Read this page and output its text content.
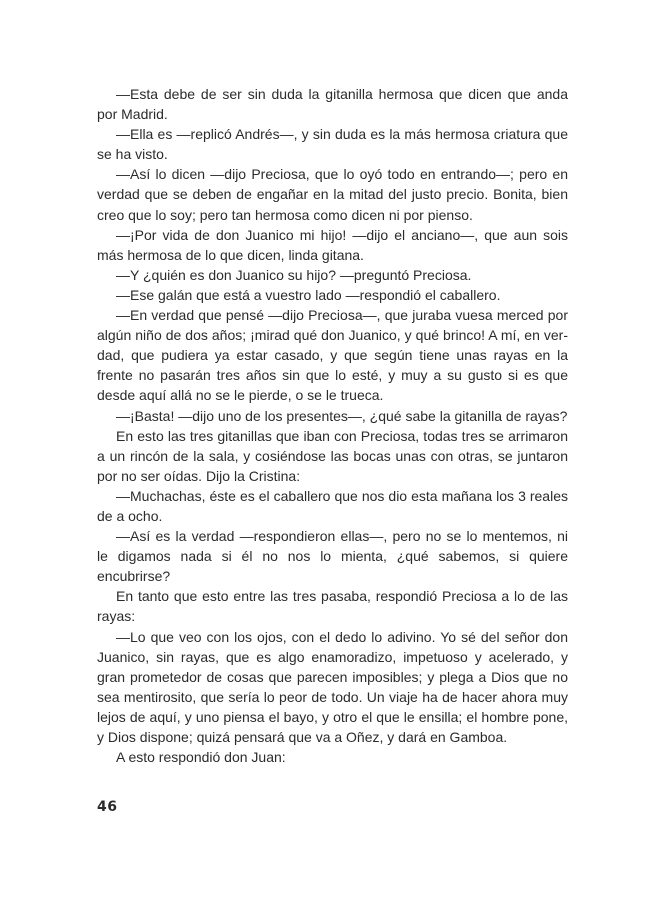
—Esta debe de ser sin duda la gitanilla hermosa que dicen que anda por Madrid.

—Ella es —replicó Andrés—, y sin duda es la más hermosa criatura que se ha visto.

—Así lo dicen —dijo Preciosa, que lo oyó todo en entrando—; pero en verdad que se deben de engañar en la mitad del justo precio. Bonita, bien creo que lo soy; pero tan hermosa como dicen ni por pienso.

—¡Por vida de don Juanico mi hijo! —dijo el anciano—, que aun sois más hermosa de lo que dicen, linda gitana.

—Y ¿quién es don Juanico su hijo? —preguntó Preciosa.

—Ese galán que está a vuestro lado —respondió el caballero.

—En verdad que pensé —dijo Preciosa—, que juraba vuesa merced por algún niño de dos años; ¡mirad qué don Juanico, y qué brinco! A mí, en verdad, que pudiera ya estar casado, y que según tiene unas rayas en la frente no pasarán tres años sin que lo esté, y muy a su gusto si es que desde aquí allá no se le pierde, o se le trueca.

—¡Basta! —dijo uno de los presentes—, ¿qué sabe la gitanilla de rayas?

En esto las tres gitanillas que iban con Preciosa, todas tres se arrimaron a un rincón de la sala, y cosiéndose las bocas unas con otras, se juntaron por no ser oídas. Dijo la Cristina:

—Muchachas, éste es el caballero que nos dio esta mañana los 3 reales de a ocho.

—Así es la verdad —respondieron ellas—, pero no se lo mentemos, ni le digamos nada si él no nos lo mienta, ¿qué sabemos, si quiere encubrirse?

En tanto que esto entre las tres pasaba, respondió Preciosa a lo de las rayas:

—Lo que veo con los ojos, con el dedo lo adivino. Yo sé del señor don Juanico, sin rayas, que es algo enamoradizo, impetuoso y acelerado, y gran prometedor de cosas que parecen imposibles; y plega a Dios que no sea mentirosito, que sería lo peor de todo. Un viaje ha de hacer ahora muy lejos de aquí, y uno piensa el bayo, y otro el que le ensilla; el hombre pone, y Dios dispone; quizá pensará que va a Oñez, y dará en Gamboa.

A esto respondió don Juan:

46
